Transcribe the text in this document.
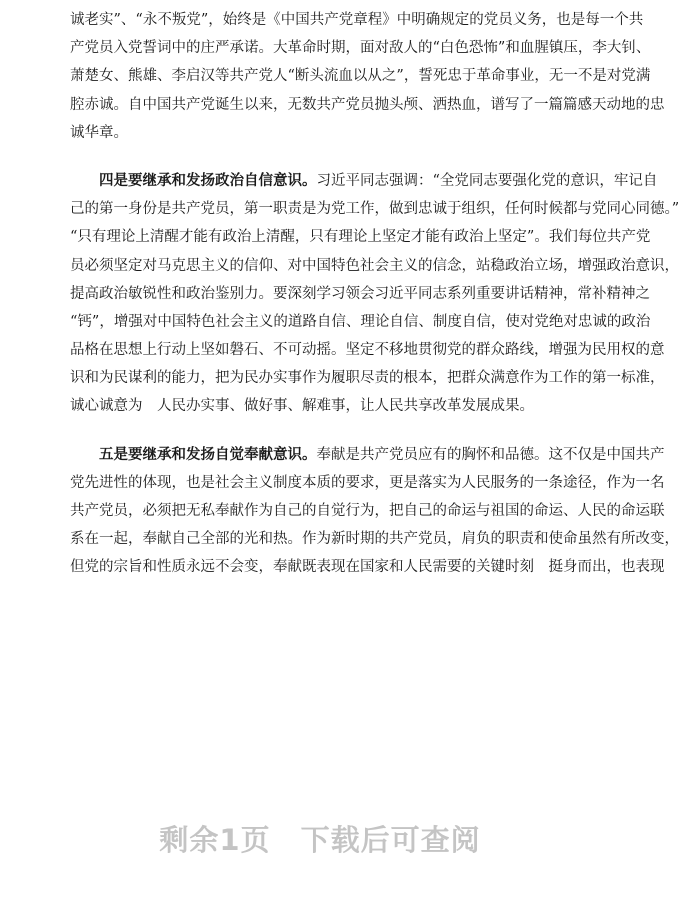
诚老实”、“永不叛党”，始终是《中国共产党章程》中明确规定的党员义务，也是每一个共
产党员入党誓词中的庄严承诺。大革命时期，面对敌人的“白色恐怖”和血腥镇压，李大钊、
萧楚女、熊雄、李启汉等共产党人“断头流血以从之”，誓死忠于革命事业，无一不是对党满
腔赤诚。自中国共产党诞生以来，无数共产党员抛头颅、洒热血，谱写了一篇篇感天动地的忠
诚华章。
四是要继承和发扬政治自信意识。习近平同志强调：“全党同志要强化党的意识，牢记自
己的第一身份是共产党员，第一职责是为党工作，做到忠诚于组织，任何时候都与党同心同德。”
“只有理论上清醒才能有政治上清醒，只有理论上坚定才能有政治上坚定”。我们每位共产党
员必须坚定对马克思主义的信仰、对中国特色社会主义的信念，站稳政治立场，增强政治意识，
提高政治敏锐性和政治鉴别力。要深刻学习领会习近平同志系列重要讲话精神，常补精神之
“钙”，增强对中国特色社会主义的道路自信、理论自信、制度自信，使对党绝对忠诚的政治
品格在思想上行动上坚如磐石、不可动摇。坚定不移地贯彻党的群众路线，增强为民用权的意
识和为民谋利的能力，把为民办实事作为履职尽责的根本，把群众满意作为工作的第一标准，
诚心诚意为　人民办实事、做好事、解难事，让人民共享改革发展成果。
五是要继承和发扬自觉奉献意识。奉献是共产党员应有的胸怀和品德。这不仅是中国共产
党先进性的体现，也是社会主义制度本质的要求，更是落实为人民服务的一条途径，作为一名
共产党员，必须把无私奉献作为自己的自觉行为，把自己的命运与祖国的命运、人民的命运联
系在一起，奉献自己全部的光和热。作为新时期的共产党员，肩负的职责和使命虽然有所改变，
但党的宗旨和性质永远不会变，奉献既表现在国家和人民需要的关键时刻　挺身而出，也表现
剩余1页　下载后可查阅
